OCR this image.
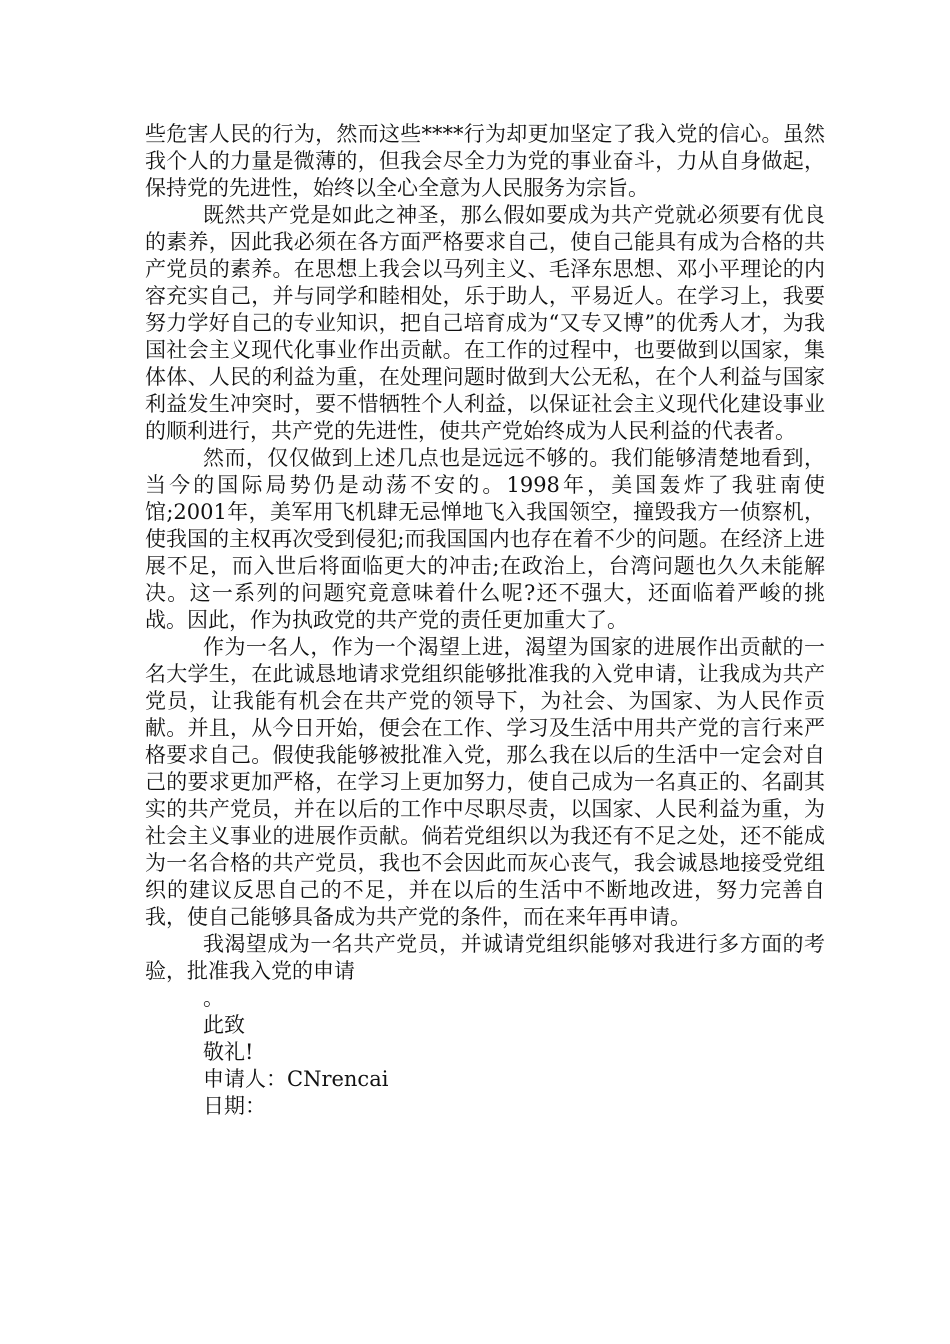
些危害人民的行为，然而这些****行为却更加坚定了我入党的信心。虽然我个人的力量是微薄的，但我会尽全力为党的事业奋斗，力从自身做起，保持党的先进性，始终以全心全意为人民服务为宗旨。

既然共产党是如此之神圣，那么假如要成为共产党就必须要有优良的素养，因此我必须在各方面严格要求自己，使自己能具有成为合格的共产党员的素养。在思想上我会以马列主义、毛泽东思想、邓小平理论的内容充实自己，并与同学和睦相处，乐于助人，平易近人。在学习上，我要努力学好自己的专业知识，把自己培育成为“又专又博”的优秀人才，为我国社会主义现代化事业作出贡献。在工作的过程中，也要做到以国家，集体体、人民的利益为重，在处理问题时做到大公无私，在个人利益与国家利益发生冲突时，要不惜牺牲个人利益，以保证社会主义现代化建设事业的顺利进行，共产党的先进性，使共产党始终成为人民利益的代表者。

然而，仅仅做到上述几点也是远远不够的。我们能够清楚地看到，当今的国际局势仍是动荡不安的。1998年，美国轰炸了我驻南使馆;2001年，美军用飞机肆无忌惮地飞入我国领空，撞毁我方一侦察机，使我国的主权再次受到侵犯;而我国国内也存在着不少的问题。在经济上进展不足，而入世后将面临更大的冲击;在政治上，台湾问题也久久未能解决。这一系列的问题究竟意味着什么呢?还不强大，还面临着严峻的挑战。因此，作为执政党的共产党的责任更加重大了。

作为一名人，作为一个渴望上进，渴望为国家的进展作出贡献的一名大学生，在此诚恳地请求党组织能够批准我的入党申请，让我成为共产党员，让我能有机会在共产党的领导下，为社会、为国家、为人民作贡献。并且，从今日开始，便会在工作、学习及生活中用共产党的言行来严格要求自己。假使我能够被批准入党，那么我在以后的生活中一定会对自己的要求更加严格，在学习上更加努力，使自己成为一名真正的、名副其实的共产党员，并在以后的工作中尽职尽责，以国家、人民利益为重，为社会主义事业的进展作贡献。倘若党组织以为我还有不足之处，还不能成为一名合格的共产党员，我也不会因此而灰心丧气，我会诚恳地接受党组织的建议反思自己的不足，并在以后的生活中不断地改进，努力完善自我，使自己能够具备成为共产党的条件，而在来年再申请。

我渴望成为一名共产党员，并诚请党组织能够对我进行多方面的考验，批准我入党的申请

。

此致

敬礼!

申请人：CNrencai

日期：
